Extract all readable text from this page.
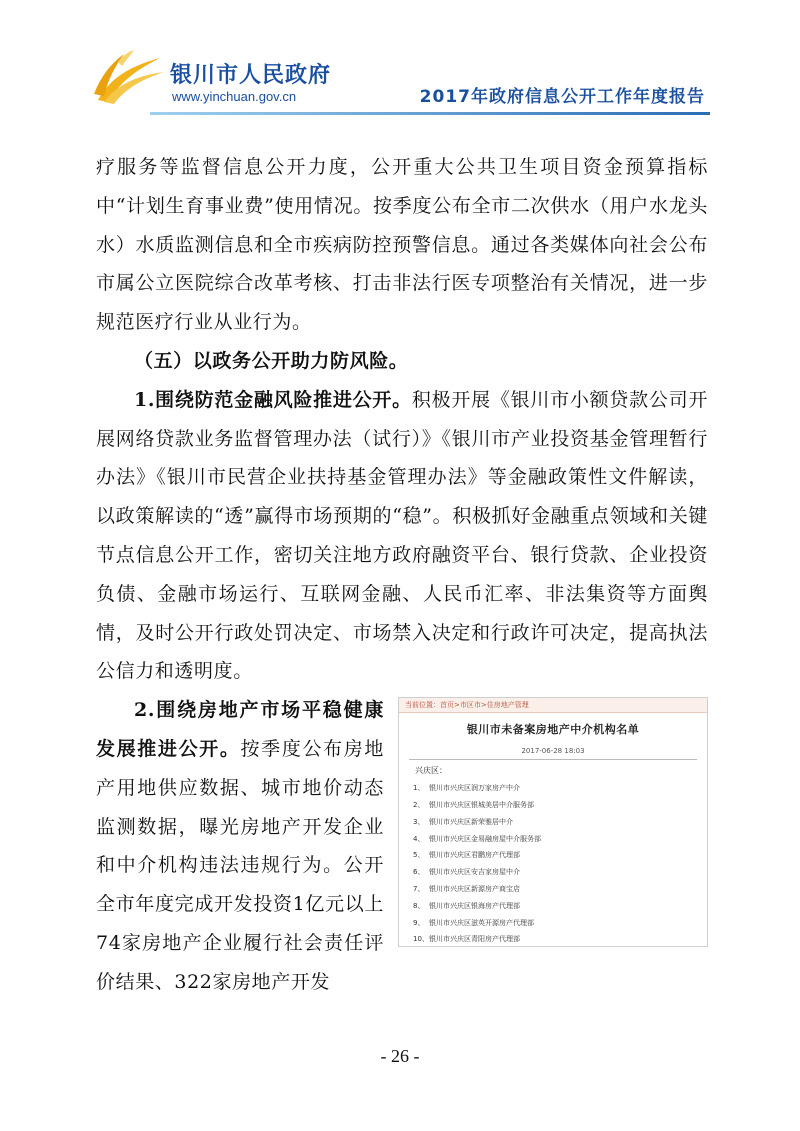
银川市人民政府
www.yinchuan.gov.cn	2017年政府信息公开工作年度报告

疗服务等监督信息公开力度，公开重大公共卫生项目资金预算指标中“计划生育事业费”使用情况。按季度公布全市二次供水（用户水龙头水）水质监测信息和全市疾病防控预警信息。通过各类媒体向社会公布市属公立医院综合改革考核、打击非法行医专项整治有关情况，进一步规范医疗行业从业行为。

（五）以政务公开助力防风险。

1.围绕防范金融风险推进公开。积极开展《银川市小额贷款公司开展网络贷款业务监督管理办法（试行）》《银川市产业投资基金管理暂行办法》《银川市民营企业扶持基金管理办法》等金融政策性文件解读，以政策解读的“透”赢得市场预期的“稳”。积极抓好金融重点领域和关键节点信息公开工作，密切关注地方政府融资平台、银行贷款、企业投资负债、金融市场运行、互联网金融、人民币汇率、非法集资等方面舆情，及时公开行政处罚决定、市场禁入决定和行政许可决定，提高执法公信力和透明度。

当前位置：首页>市区市>住房地产管理
银川市未备案房地产中介机构名单
2017-06-28 18:03
兴庆区：
1、 银川市兴庆区润万家房产中介
2、 银川市兴庆区银城美居中介服务部
3、 银川市兴庆区新荣雅居中介
4、 银川市兴庆区金易融房屋中介服务部
5、 银川市兴庆区君鹏房产代理部
6、 银川市兴庆区安吉家房屋中介
7、 银川市兴庆区新源房产商宝店
8、 银川市兴庆区银海房产代理部
9、 银川市兴庆区滋英开源房产代理部
10、银川市兴庆区青阳房产代理部

2.围绕房地产市场平稳健康发展推进公开。按季度公布房地产用地供应数据、城市地价动态监测数据，曝光房地产开发企业和中介机构违法违规行为。公开全市年度完成开发投资1亿元以上74家房地产企业履行社会责任评价结果、322家房地产开发

- 26 -
